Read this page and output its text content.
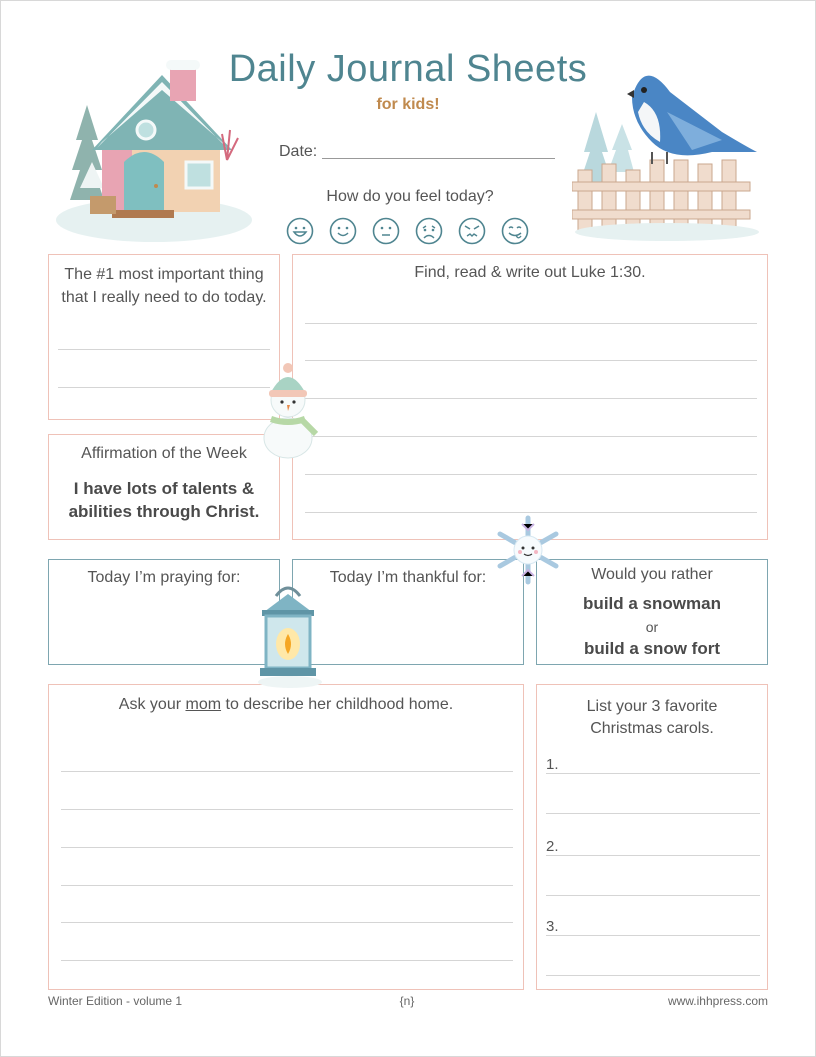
Daily Journal Sheets
for kids!
Date:
How do you feel today?
The #1 most important thing
that I really need to do today.
Find, read & write out Luke 1:30.
Affirmation of the Week
I have lots of talents &
abilities through Christ.
Today I’m praying for:	Today I’m thankful for:	Would you rather
build a snowman
or
build a snow fort
Ask your mom to describe her childhood home.	List your 3 favorite
Christmas carols.
1.
2.
3.
Winter Edition - volume 1	{n}	www.ihhpress.com
